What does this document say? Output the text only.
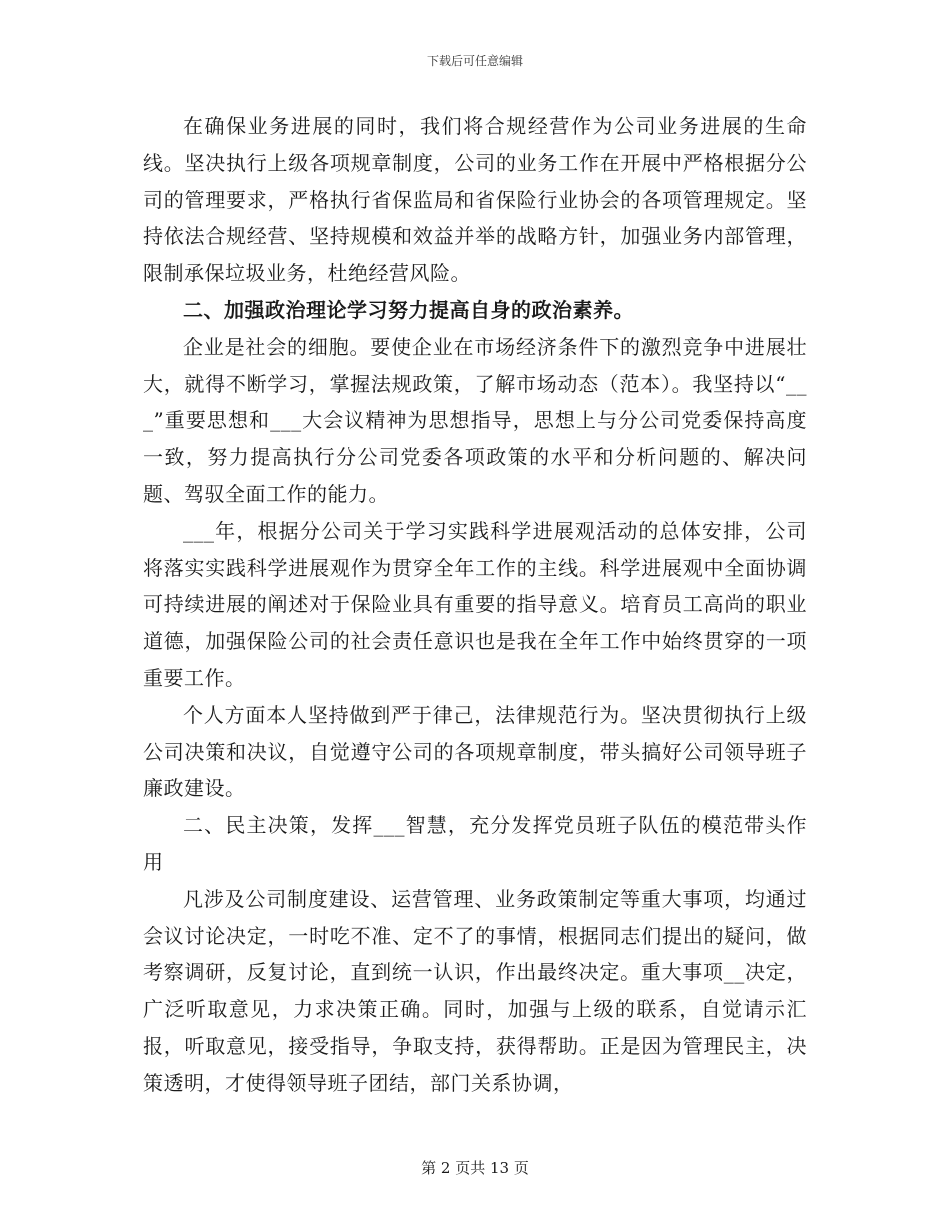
下载后可任意编辑

在确保业务进展的同时，我们将合规经营作为公司业务进展的生命线。坚决执行上级各项规章制度，公司的业务工作在开展中严格根据分公司的管理要求，严格执行省保监局和省保险行业协会的各项管理规定。坚持依法合规经营、坚持规模和效益并举的战略方针，加强业务内部管理，限制承保垃圾业务，杜绝经营风险。

二、加强政治理论学习努力提高自身的政治素养。

企业是社会的细胞。要使企业在市场经济条件下的激烈竞争中进展壮大，就得不断学习，掌握法规政策，了解市场动态（范本）。我坚持以“___”重要思想和___大会议精神为思想指导，思想上与分公司党委保持高度一致，努力提高执行分公司党委各项政策的水平和分析问题的、解决问题、驾驭全面工作的能力。

___年，根据分公司关于学习实践科学进展观活动的总体安排，公司将落实实践科学进展观作为贯穿全年工作的主线。科学进展观中全面协调可持续进展的阐述对于保险业具有重要的指导意义。培育员工高尚的职业道德，加强保险公司的社会责任意识也是我在全年工作中始终贯穿的一项重要工作。

个人方面本人坚持做到严于律己，法律规范行为。坚决贯彻执行上级公司决策和决议，自觉遵守公司的各项规章制度，带头搞好公司领导班子廉政建设。

二、民主决策，发挥___智慧，充分发挥党员班子队伍的模范带头作用

凡涉及公司制度建设、运营管理、业务政策制定等重大事项，均通过会议讨论决定，一时吃不准、定不了的事情，根据同志们提出的疑问，做考察调研，反复讨论，直到统一认识，作出最终决定。重大事项__决定，广泛听取意见，力求决策正确。同时，加强与上级的联系，自觉请示汇报，听取意见，接受指导，争取支持，获得帮助。正是因为管理民主，决策透明，才使得领导班子团结，部门关系协调，

第 2 页共 13 页
